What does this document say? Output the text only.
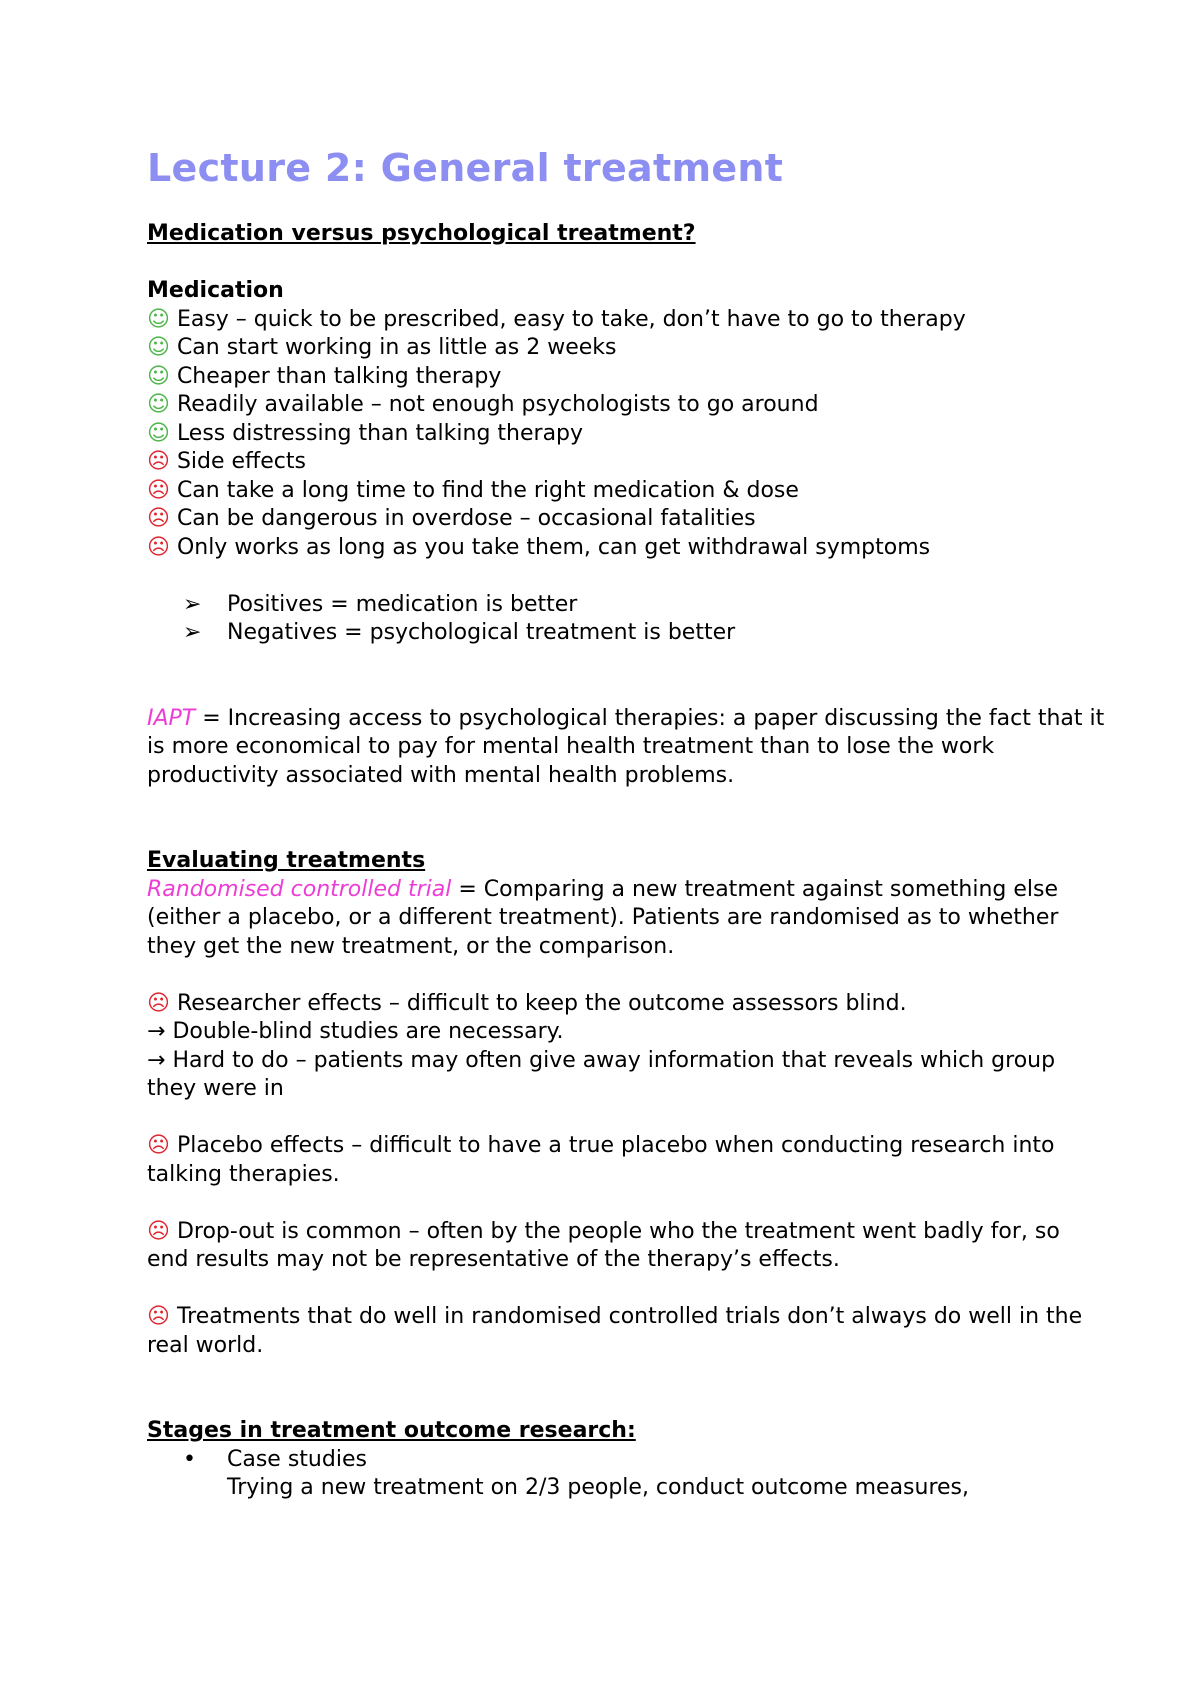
Lecture 2: General treatment
Medication versus psychological treatment?
Medication
☺ Easy – quick to be prescribed, easy to take, don’t have to go to therapy
☺ Can start working in as little as 2 weeks
☺ Cheaper than talking therapy
☺ Readily available – not enough psychologists to go around
☺ Less distressing than talking therapy
☹ Side effects
☹ Can take a long time to find the right medication & dose
☹ Can be dangerous in overdose – occasional fatalities
☹ Only works as long as you take them, can get withdrawal symptoms
➢ Positives = medication is better
➢ Negatives = psychological treatment is better
IAPT = Increasing access to psychological therapies: a paper discussing the fact that it is more economical to pay for mental health treatment than to lose the work productivity associated with mental health problems.
Evaluating treatments
Randomised controlled trial = Comparing a new treatment against something else (either a placebo, or a different treatment). Patients are randomised as to whether they get the new treatment, or the comparison.
☹ Researcher effects – difficult to keep the outcome assessors blind.
→ Double-blind studies are necessary.
→ Hard to do – patients may often give away information that reveals which group they were in
☹ Placebo effects – difficult to have a true placebo when conducting research into talking therapies.
☹ Drop-out is common – often by the people who the treatment went badly for, so end results may not be representative of the therapy’s effects.
☹ Treatments that do well in randomised controlled trials don’t always do well in the real world.
Stages in treatment outcome research:
• Case studies
Trying a new treatment on 2/3 people, conduct outcome measures,
